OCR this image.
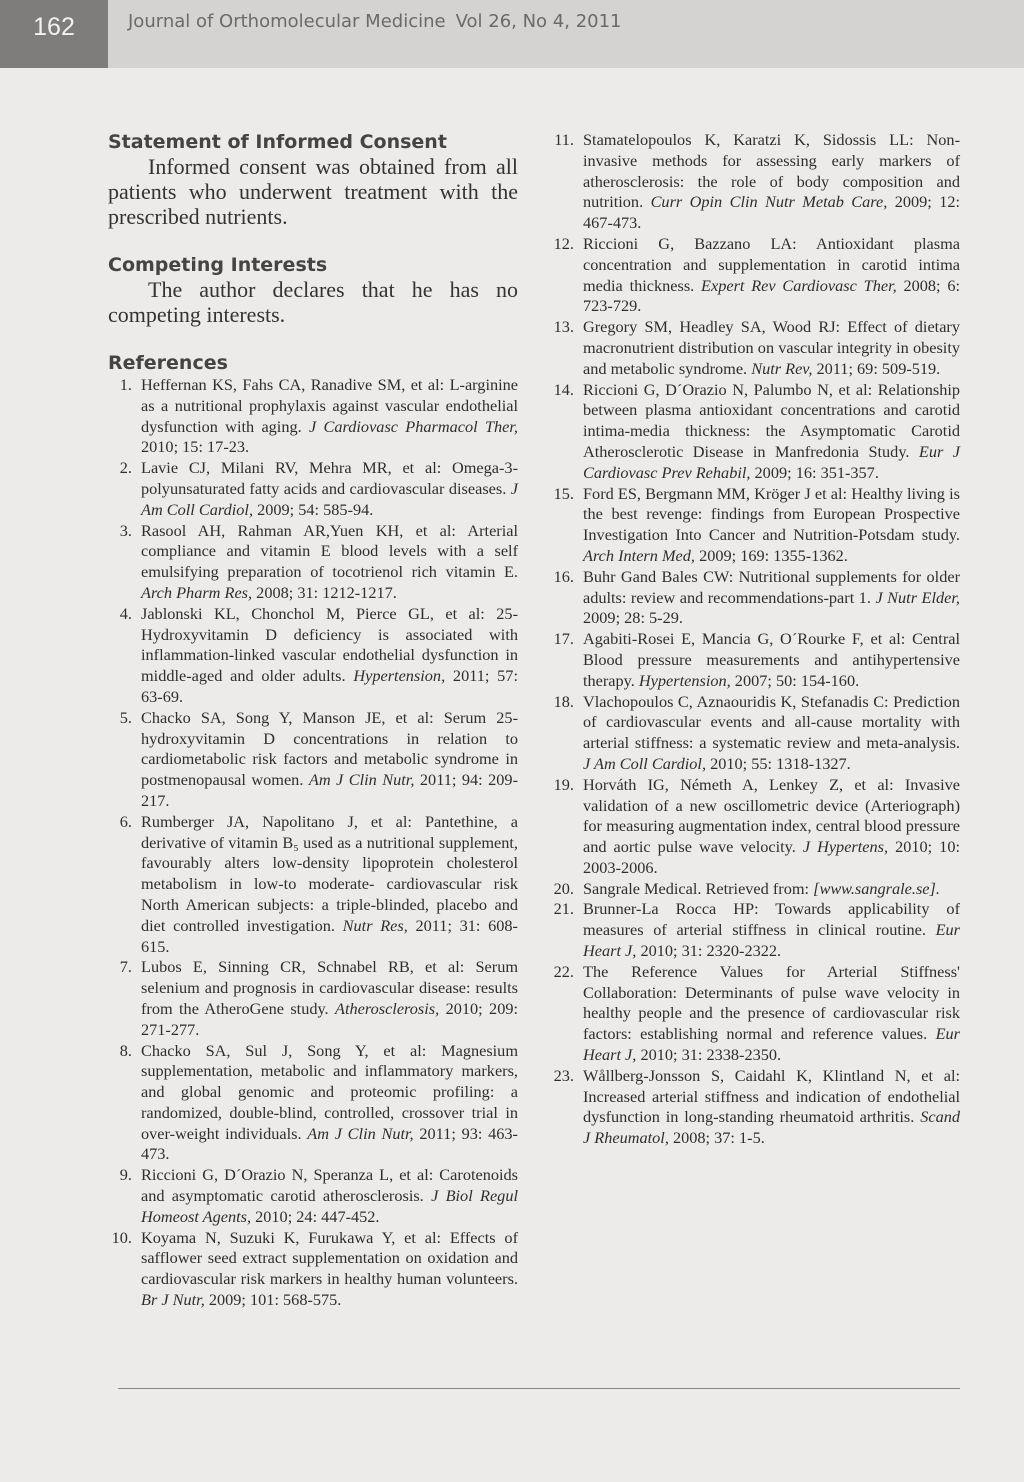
162	Journal of Orthomolecular Medicine Vol 26, No 4, 2011
Statement of Informed Consent

Informed consent was obtained from all patients who underwent treatment with the prescribed nutrients.

Competing Interests

The author declares that he has no competing interests.

References
1 . Heffernan KS, Fahs CA, Ranadive SM, et al: L-arginine as a nutritional prophylaxis against vascular endothelial dysfunction with aging. J Cardiovasc Pharmacol Ther, 2010; 15: 17-23.
2 . Lavie CJ, Milani RV, Mehra MR, et al: Omega-3-polyunsaturated fatty acids and cardiovascular diseases. J Am Coll Cardiol, 2009; 54: 585-94.
3 . Rasool AH, Rahman AR,Yuen KH, et al: Arterial compliance and vitamin E blood levels with a self emulsifying preparation of tocotrienol rich vitamin E. Arch Pharm Res, 2008; 31: 1212-1217.
4 . Jablonski KL, Chonchol M, Pierce GL, et al: 25-Hydroxyvitamin D deficiency is associated with inflammation-linked vascular endothelial dysfunction in middle-aged and older adults. Hypertension, 2011; 57: 63-69.
5 . Chacko SA, Song Y, Manson JE, et al: Serum 25-hydroxyvitamin D concentrations in relation to cardiometabolic risk factors and metabolic syndrome in postmenopausal women. Am J Clin Nutr, 2011; 94: 209-217.
6 . Rumberger JA, Napolitano J, et al: Pantethine, a derivative of vitamin B₅ used as a nutritional supplement, favourably alters low-density lipoprotein cholesterol metabolism in low-to moderate- cardiovascular risk North American subjects: a triple-blinded, placebo and diet controlled investigation. Nutr Res, 2011; 31: 608-615.
7 . Lubos E, Sinning CR, Schnabel RB, et al: Serum selenium and prognosis in cardiovascular disease: results from the AtheroGene study. Atherosclerosis, 2010; 209: 271-277.
8 . Chacko SA, Sul J, Song Y, et al: Magnesium supplementation, metabolic and inflammatory markers, and global genomic and proteomic profiling: a randomized, double-blind, controlled, crossover trial in over-weight individuals. Am J Clin Nutr, 2011; 93: 463-473.
9 . Riccioni G, D´Orazio N, Speranza L, et al: Carotenoids and asymptomatic carotid atherosclerosis. J Biol Regul Homeost Agents, 2010; 24: 447-452.
10 . Koyama N, Suzuki K, Furukawa Y, et al: Effects of safflower seed extract supplementation on oxidation and cardiovascular risk markers in healthy human volunteers. Br J Nutr, 2009; 101: 568-575.
11 . Stamatelopoulos K, Karatzi K, Sidossis LL: Non-invasive methods for assessing early markers of atherosclerosis: the role of body composition and nutrition. Curr Opin Clin Nutr Metab Care, 2009; 12: 467-473.
12 . Riccioni G, Bazzano LA: Antioxidant plasma concentration and supplementation in carotid intima media thickness. Expert Rev Cardiovasc Ther, 2008; 6: 723-729.
13 . Gregory SM, Headley SA, Wood RJ: Effect of dietary macronutrient distribution on vascular integrity in obesity and metabolic syndrome. Nutr Rev, 2011; 69: 509-519.
14 . Riccioni G, D´Orazio N, Palumbo N, et al: Relationship between plasma antioxidant concentrations and carotid intima-media thickness: the Asymptomatic Carotid Atherosclerotic Disease in Manfredonia Study. Eur J Cardiovasc Prev Rehabil, 2009; 16: 351-357.
15 . Ford ES, Bergmann MM, Kröger J et al: Healthy living is the best revenge: findings from European Prospective Investigation Into Cancer and Nutrition-Potsdam study. Arch Intern Med, 2009; 169: 1355-1362.
16 . Buhr Gand Bales CW: Nutritional supplements for older adults: review and recommendations-part 1. J Nutr Elder, 2009; 28: 5-29.
17 . Agabiti-Rosei E, Mancia G, O´Rourke F, et al: Central Blood pressure measurements and antihypertensive therapy. Hypertension, 2007; 50: 154-160.
18 . Vlachopoulos C, Aznaouridis K, Stefanadis C: Prediction of cardiovascular events and all-cause mortality with arterial stiffness: a systematic review and meta-analysis. J Am Coll Cardiol, 2010; 55: 1318-1327.
19 . Horváth IG, Németh A, Lenkey Z, et al: Invasive validation of a new oscillometric device (Arteriograph) for measuring augmentation index, central blood pressure and aortic pulse wave velocity. J Hypertens, 2010; 10: 2003-2006.
20 . Sangrale Medical. Retrieved from: [www.sangrale.se].
21 . Brunner-La Rocca HP: Towards applicability of measures of arterial stiffness in clinical routine. Eur Heart J, 2010; 31: 2320-2322.
22 . The Reference Values for Arterial Stiffness' Collaboration: Determinants of pulse wave velocity in healthy people and the presence of cardiovascular risk factors: establishing normal and reference values. Eur Heart J, 2010; 31: 2338-2350.
23 . Wållberg-Jonsson S, Caidahl K, Klintland N, et al: Increased arterial stiffness and indication of endothelial dysfunction in long-standing rheumatoid arthritis. Scand J Rheumatol, 2008; 37: 1-5.
